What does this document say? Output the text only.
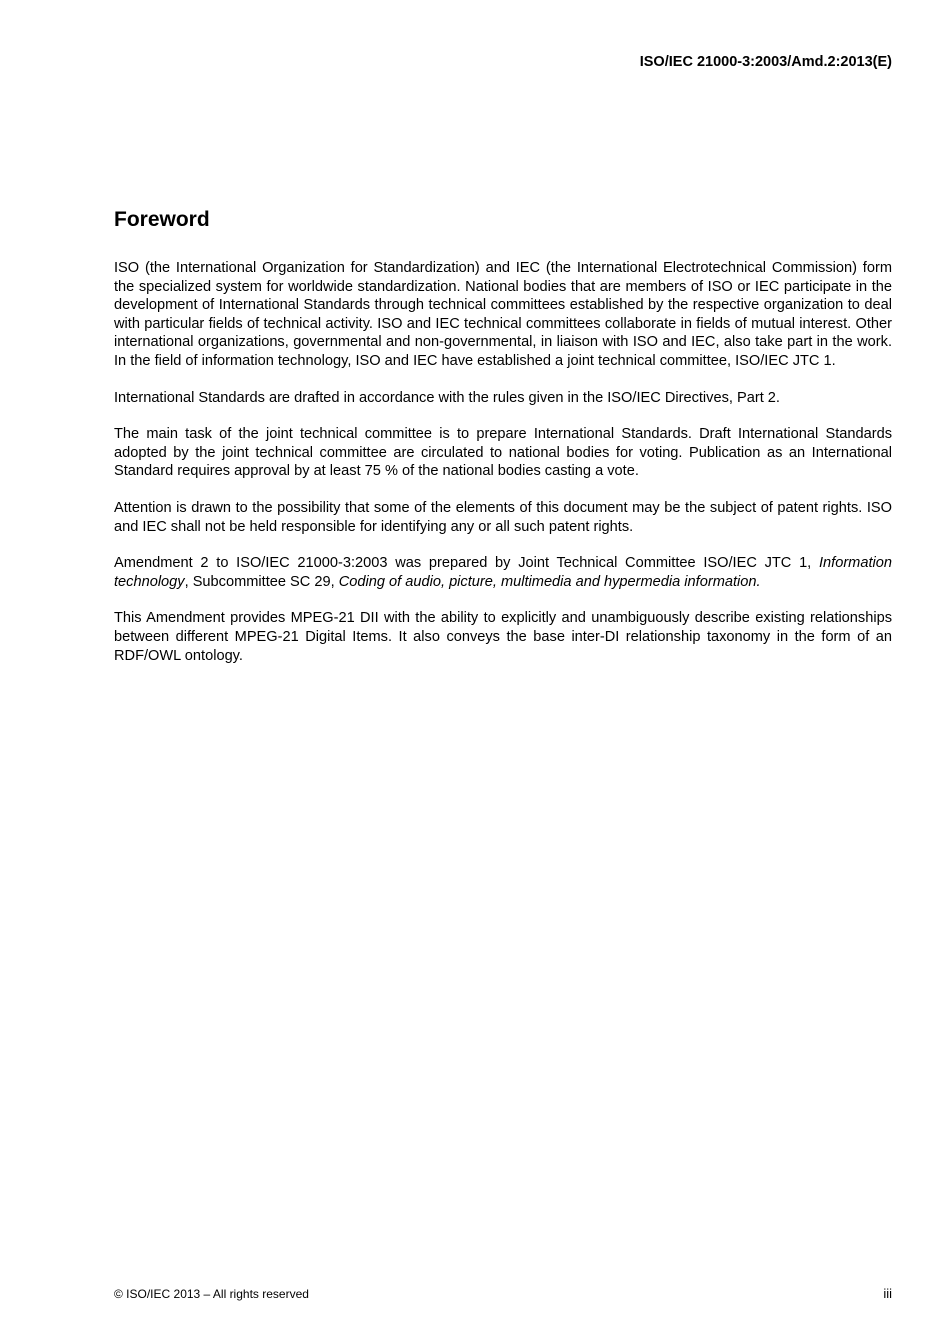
ISO/IEC 21000-3:2003/Amd.2:2013(E)

Foreword

ISO (the International Organization for Standardization) and IEC (the International Electrotechnical Commission) form the specialized system for worldwide standardization. National bodies that are members of ISO or IEC participate in the development of International Standards through technical committees established by the respective organization to deal with particular fields of technical activity. ISO and IEC technical committees collaborate in fields of mutual interest. Other international organizations, governmental and non-governmental, in liaison with ISO and IEC, also take part in the work. In the field of information technology, ISO and IEC have established a joint technical committee, ISO/IEC JTC 1.

International Standards are drafted in accordance with the rules given in the ISO/IEC Directives, Part 2.

The main task of the joint technical committee is to prepare International Standards. Draft International Standards adopted by the joint technical committee are circulated to national bodies for voting. Publication as an International Standard requires approval by at least 75 % of the national bodies casting a vote.

Attention is drawn to the possibility that some of the elements of this document may be the subject of patent rights. ISO and IEC shall not be held responsible for identifying any or all such patent rights.

Amendment 2 to ISO/IEC 21000-3:2003 was prepared by Joint Technical Committee ISO/IEC JTC 1, Information technology, Subcommittee SC 29, Coding of audio, picture, multimedia and hypermedia information.

This Amendment provides MPEG-21 DII with the ability to explicitly and unambiguously describe existing relationships between different MPEG-21 Digital Items. It also conveys the base inter-DI relationship taxonomy in the form of an RDF/OWL ontology.

© ISO/IEC 2013 – All rights reserved	iii
